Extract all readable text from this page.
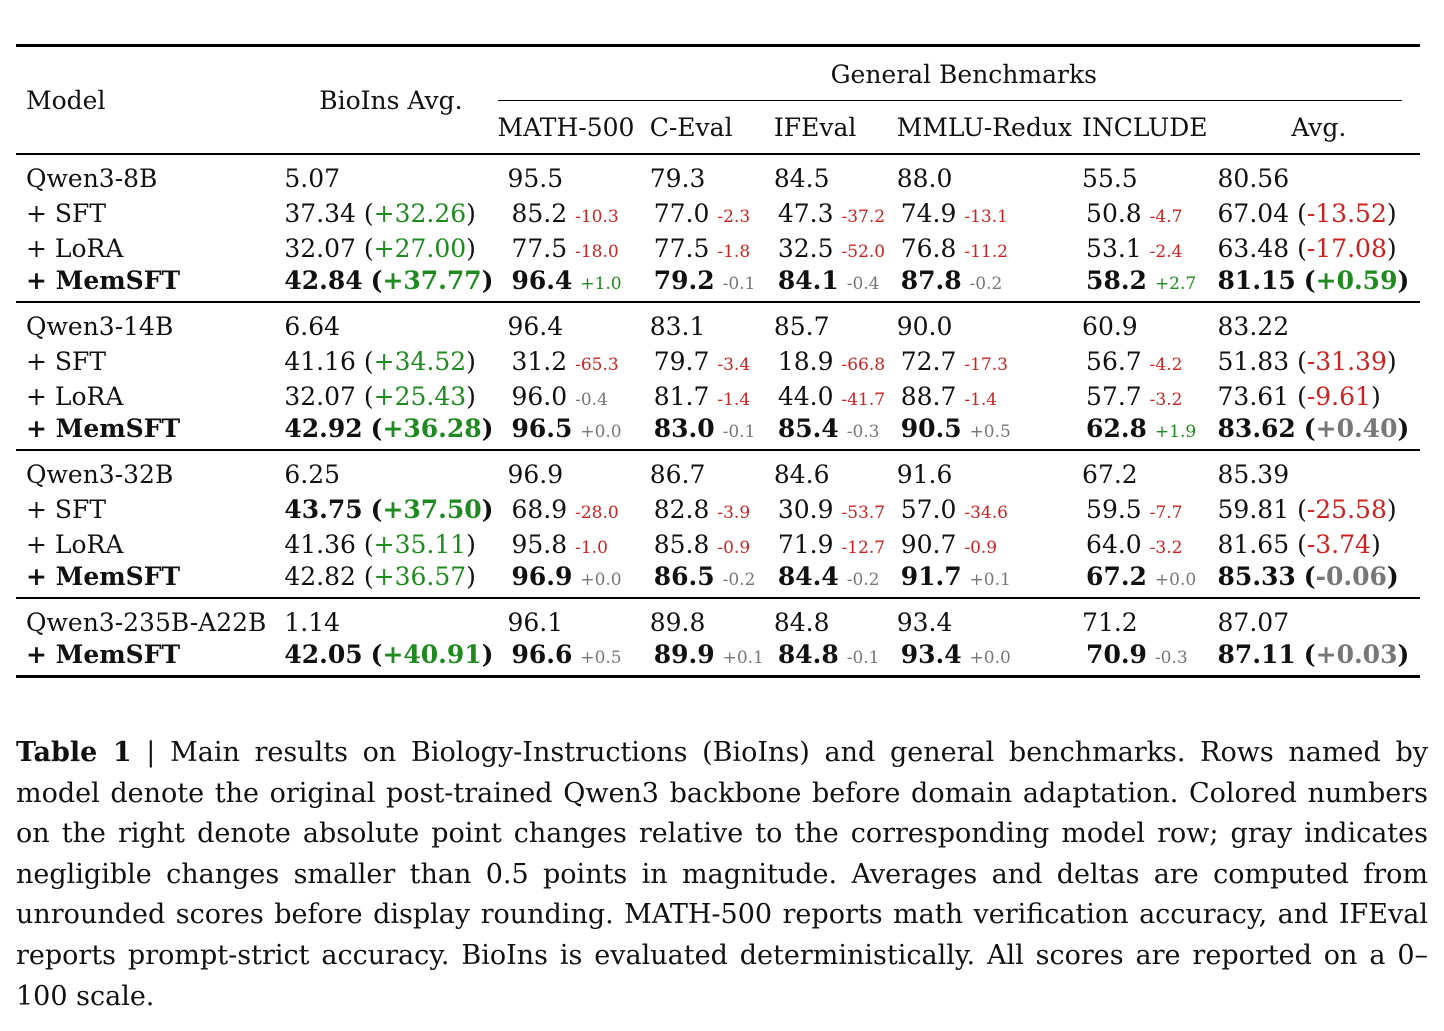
Model	BioIns Avg.	General Benchmarks					

		MATH-500	C-Eval	IFEval	MMLU-Redux	INCLUDE	Avg.
Qwen3-8B	5.07	95.5	79.3	84.5	88.0	55.5	80.56
+ SFT	37.34 (+32.26)	85.2 -10.3	77.0 -2.3	47.3 -37.2	74.9 -13.1	50.8 -4.7	67.04 (-13.52)
+ LoRA	32.07 (+27.00)	77.5 -18.0	77.5 -1.8	32.5 -52.0	76.8 -11.2	53.1 -2.4	63.48 (-17.08)
+ MemSFT	42.84 (+37.77)	96.4 +1.0	79.2 -0.1	84.1 -0.4	87.8 -0.2	58.2 +2.7	81.15 (+0.59)
Qwen3-14B	6.64	96.4	83.1	85.7	90.0	60.9	83.22
+ SFT	41.16 (+34.52)	31.2 -65.3	79.7 -3.4	18.9 -66.8	72.7 -17.3	56.7 -4.2	51.83 (-31.39)
+ LoRA	32.07 (+25.43)	96.0 -0.4	81.7 -1.4	44.0 -41.7	88.7 -1.4	57.7 -3.2	73.61 (-9.61)
+ MemSFT	42.92 (+36.28)	96.5 +0.0	83.0 -0.1	85.4 -0.3	90.5 +0.5	62.8 +1.9	83.62 (+0.40)
Qwen3-32B	6.25	96.9	86.7	84.6	91.6	67.2	85.39
+ SFT	43.75 (+37.50)	68.9 -28.0	82.8 -3.9	30.9 -53.7	57.0 -34.6	59.5 -7.7	59.81 (-25.58)
+ LoRA	41.36 (+35.11)	95.8 -1.0	85.8 -0.9	71.9 -12.7	90.7 -0.9	64.0 -3.2	81.65 (-3.74)
+ MemSFT	42.82 (+36.57)	96.9 +0.0	86.5 -0.2	84.4 -0.2	91.7 +0.1	67.2 +0.0	85.33 (-0.06)
Qwen3-235B-A22B	1.14	96.1	89.8	84.8	93.4	71.2	87.07
+ MemSFT	42.05 (+40.91)	96.6 +0.5	89.9 +0.1	84.8 -0.1	93.4 +0.0	70.9 -0.3	87.11 (+0.03)
Table 1 | Main results on Biology-Instructions (BioIns) and general benchmarks. Rows named by model denote the original post-trained Qwen3 backbone before domain adaptation. Colored numbers on the right denote absolute point changes relative to the corresponding model row; gray indicates negligible changes smaller than 0.5 points in magnitude. Averages and deltas are computed from unrounded scores before display rounding. MATH-500 reports math verification accuracy, and IFEval reports prompt-strict accuracy. BioIns is evaluated deterministically. All scores are reported on a 0–100 scale.
